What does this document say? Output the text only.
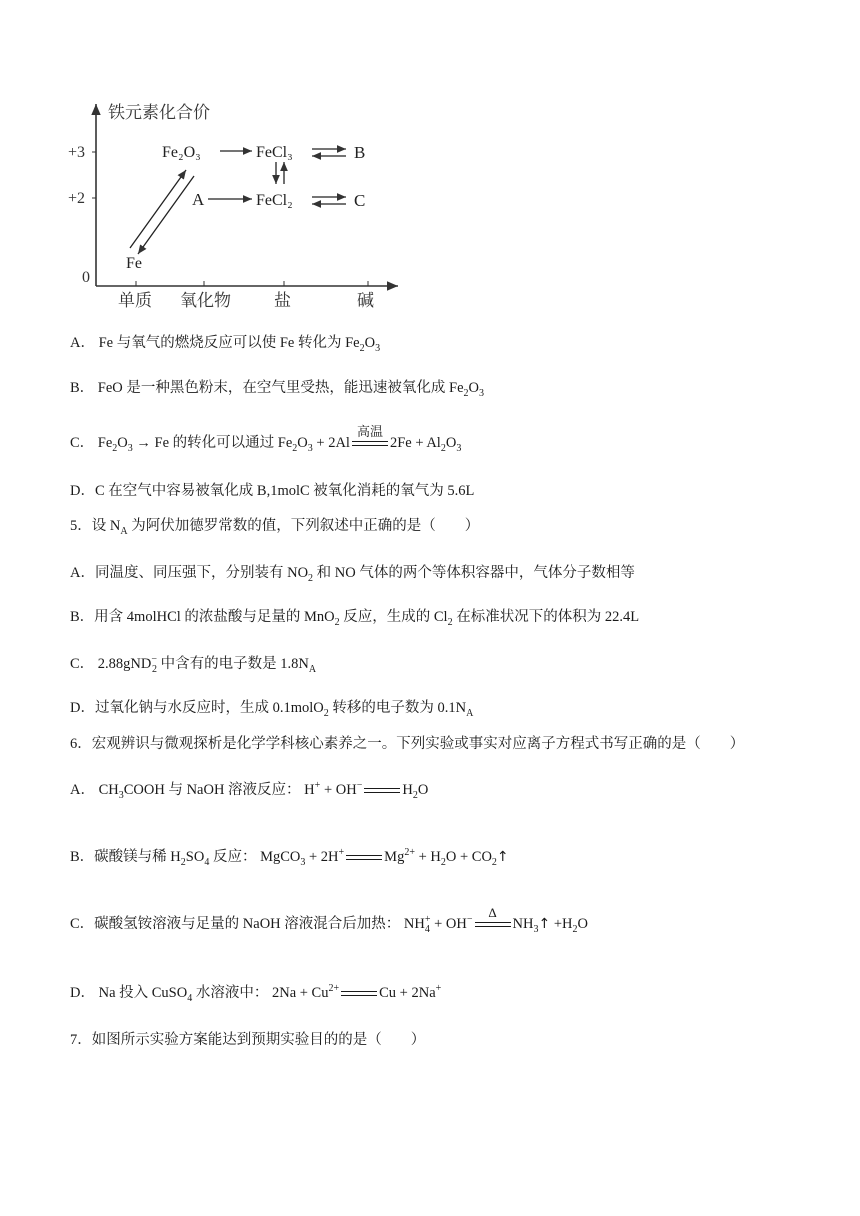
铁元素化合价
+3
+2
0
单质 氧化物	盐	碱
Fe₂O₃	FeCl₃	B
A	FeCl₂	C
Fe
A． Fe 与氧气的燃烧反应可以使 Fe 转化为 $Fe_2O_3$
B． FeO 是一种黑色粉末，在空气里受热，能迅速被氧化成 $Fe_2O_3$
C． $Fe_2O_3 \to Fe$ 的转化可以通过 $Fe_2O_3 + 2Al$
高温
$2Fe + Al_2O_3$
D．C 在空气中容易被氧化成 B,1molC 被氧化消耗的氧气为 5.6L
5．设 $N_A$ 为阿伏加德罗常数的值，下列叙述中正确的是（　　）
A．同温度、同压强下，分别装有 $NO_2$ 和 NO 气体的两个等体积容器中，气体分子数相等
B．用含 4molHCl 的浓盐酸与足量的 MnO$_2$ 反应，生成的 $Cl_2$ 在标准状况下的体积为 22.4L
C． 2.88gND−$_2$ 中含有的电子数是 $1.8N_A$
D．过氧化钠与水反应时，生成 0.1molO$_2$ 转移的电子数为 $0.1N_A$
6．宏观辨识与微观探析是化学学科核心素养之一。下列实验或事实对应离子方程式书写正确的是（　　）
A． $CH_3COOH$ 与 NaOH 溶液反应： H+ + OH−	$H_2O$
B．碳酸镁与稀 $H_2SO_4$ 反应： MgCO$_3$ + 2H+	$Mg^{2+} + H_2O$ + $CO_2↑$
C．碳酸氢铵溶液与足量的 NaOH 溶液混合后加热： $NH_4^+ + OH^-$	Δ
$NH_3↑ +H_2O$
D． Na 投入 CuSO$_4$ 水溶液中： $2Na + Cu^{2+}$	Cu + 2Na+
7．如图所示实验方案能达到预期实验目的的是（　　）
